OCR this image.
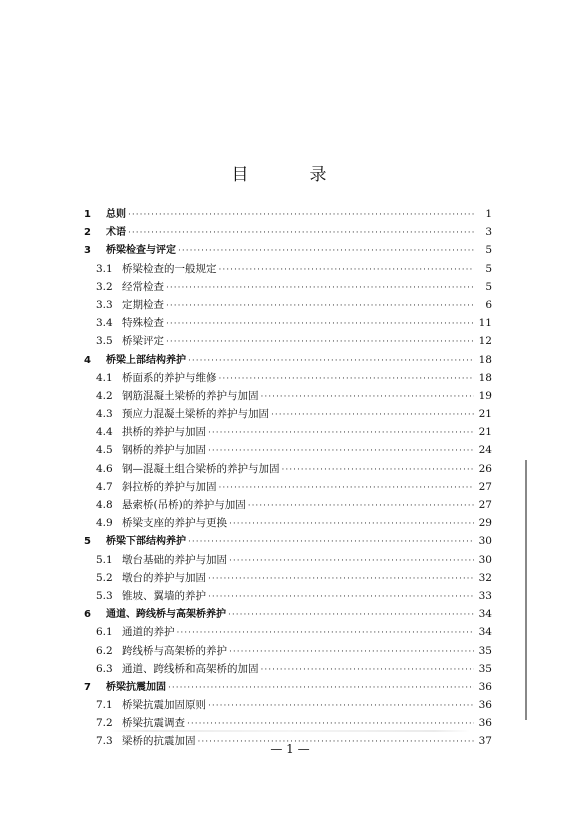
目　录
1	总则 ·····	1
2	术语 ·····	3
3	桥梁检查与评定 ·····	5
3.1 桥梁检查的一般规定 ·····	5
3.2 经常检查 ·····	5
3.3 定期检查 ·····	6
3.4 特殊检查 ·····	11
3.5 桥梁评定 ·····	12
4	桥梁上部结构养护 ·····	18
4.1 桥面系的养护与维修 ·····	18
4.2 钢筋混凝土梁桥的养护与加固 ·····	19
4.3 预应力混凝土梁桥的养护与加固 ·····	21
4.4 拱桥的养护与加固 ·····	21
4.5 钢桥的养护与加固 ·····	24
4.6 钢—混凝土组合梁桥的养护与加固 ·····	26
4.7 斜拉桥的养护与加固 ·····	27
4.8 悬索桥(吊桥)的养护与加固 ·····	27
4.9 桥梁支座的养护与更换 ·····	29
5	桥梁下部结构养护 ·····	30
5.1 墩台基础的养护与加固 ·····	30
5.2 墩台的养护与加固 ·····	32
5.3 锥坡、翼墙的养护 ·····	33
6	通道、跨线桥与高架桥养护 ·····	34
6.1 通道的养护 ·····	34
6.2 跨线桥与高架桥的养护 ·····	35
6.3 通道、跨线桥和高架桥的加固 ·····	35
7	桥梁抗震加固 ·····	36
7.1 桥梁抗震加固原则 ·····	36
7.2 桥梁抗震调查 ·····	36
7.3 梁桥的抗震加固 ·····	37
— 1 —
